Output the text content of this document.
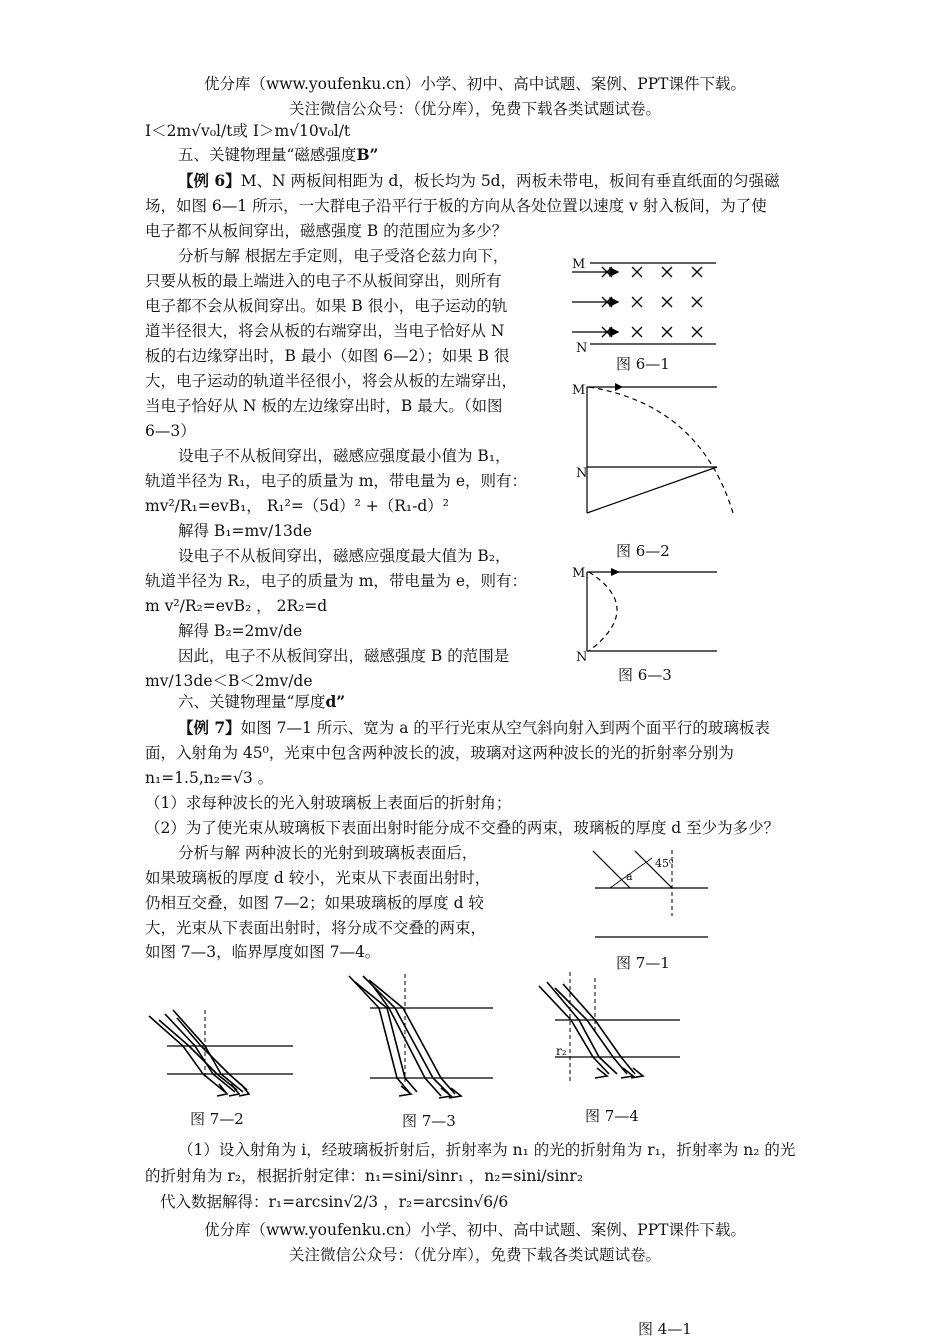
优分库（www.youfenku.cn）小学、初中、高中试题、案例、PPT课件下载。
关注微信公众号：（优分库），免费下载各类试题试卷。
I＜2m√v₀l/t或 I＞m√10v₀l/t
五、关键物理量“磁感强度B”
【例 6】M、N 两板间相距为 d，板长均为 5d，两板未带电，板间有垂直纸面的匀强磁
场，如图 6—1 所示，一大群电子沿平行于板的方向从各处位置以速度 v 射入板间，为了使
电子都不从板间穿出，磁感强度 B 的范围应为多少？
分析与解 根据左手定则，电子受洛仑兹力向下，
只要从板的最上端进入的电子不从板间穿出，则所有
电子都不会从板间穿出。如果 B 很小，电子运动的轨
道半径很大，将会从板的右端穿出，当电子恰好从 N
板的右边缘穿出时，B 最小（如图 6—2）；如果 B 很
大，电子运动的轨道半径很小，将会从板的左端穿出，
当电子恰好从 N 板的左边缘穿出时，B 最大。（如图
6—3）
设电子不从板间穿出，磁感应强度最小值为 B₁，
轨道半径为 R₁，电子的质量为 m，带电量为 e，则有：
mv²/R₁=evB₁， R₁²=（5d）² +（R₁-d）²
解得 B₁=mv/13de
设电子不从板间穿出，磁感应强度最大值为 B₂，
轨道半径为 R₂，电子的质量为 m，带电量为 e，则有：
m v²/R₂=evB₂ ， 2R₂=d
解得 B₂=2mv/de
因此，电子不从板间穿出，磁感强度 B 的范围是
mv/13de＜B＜2mv/de
M
N
图 6—1
M
N
图 6—2
M
N
图 6—3
六、关键物理量“厚度d”
【例 7】如图 7—1 所示、宽为 a 的平行光束从空气斜向射入到两个面平行的玻璃板表
面，入射角为 45⁰，光束中包含两种波长的波，玻璃对这两种波长的光的折射率分别为
n₁=1.5,n₂=√3 。
（1）求每种波长的光入射玻璃板上表面后的折射角；
（2）为了使光束从玻璃板下表面出射时能分成不交叠的两束，玻璃板的厚度 d 至少为多少？
分析与解 两种波长的光射到玻璃板表面后，
如果玻璃板的厚度 d 较小，光束从下表面出射时，
仍相互交叠，如图 7—2；如果玻璃板的厚度 d 较
大，光束从下表面出射时，将分成不交叠的两束，
如图 7—3，临界厚度如图 7—4。
a
45⁰
图 7—1
图 7—2	图 7—3
r₂
图 7—4
（1）设入射角为 i，经玻璃板折射后，折射率为 n₁ 的光的折射角为 r₁，折射率为 n₂ 的光
的折射角为 r₂，根据折射定律：n₁=sini/sinr₁ ，n₂=sini/sinr₂
代入数据解得：r₁=arcsin√2/3 ，r₂=arcsin√6/6
优分库（www.youfenku.cn）小学、初中、高中试题、案例、PPT课件下载。
关注微信公众号：（优分库），免费下载各类试题试卷。
图 4—1
